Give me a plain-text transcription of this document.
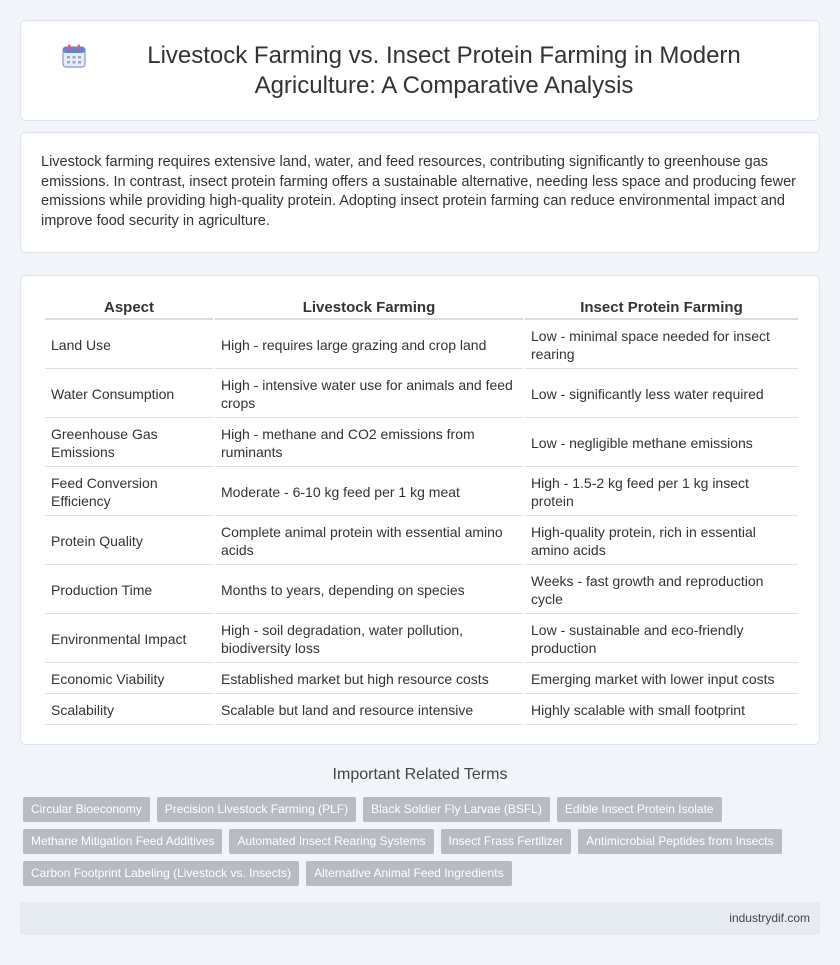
Livestock Farming vs. Insect Protein Farming in Modern Agriculture: A Comparative Analysis

Livestock farming requires extensive land, water, and feed resources, contributing significantly to greenhouse gas emissions. In contrast, insect protein farming offers a sustainable alternative, needing less space and producing fewer emissions while providing high-quality protein. Adopting insect protein farming can reduce environmental impact and improve food security in agriculture.

Aspect	Livestock Farming	Insect Protein Farming
Land Use	High - requires large grazing and crop land	Low - minimal space needed for insect rearing
Water Consumption	High - intensive water use for animals and feed crops	Low - significantly less water required
Greenhouse Gas Emissions	High - methane and CO2 emissions from ruminants	Low - negligible methane emissions
Feed Conversion Efficiency	Moderate - 6-10 kg feed per 1 kg meat	High - 1.5-2 kg feed per 1 kg insect protein
Protein Quality	Complete animal protein with essential amino acids	High-quality protein, rich in essential amino acids
Production Time	Months to years, depending on species	Weeks - fast growth and reproduction cycle
Environmental Impact	High - soil degradation, water pollution, biodiversity loss	Low - sustainable and eco-friendly production
Economic Viability	Established market but high resource costs	Emerging market with lower input costs
Scalability	Scalable but land and resource intensive	Highly scalable with small footprint
Important Related Terms
Circular Bioeconomy	Precision Livestock Farming (PLF)	Black Soldier Fly Larvae (BSFL)	Edible Insect Protein Isolate
Methane Mitigation Feed Additives	Automated Insect Rearing Systems	Insect Frass Fertilizer	Antimicrobial Peptides from Insects
Carbon Footprint Labeling (Livestock vs. Insects)	Alternative Animal Feed Ingredients
industrydif.com
